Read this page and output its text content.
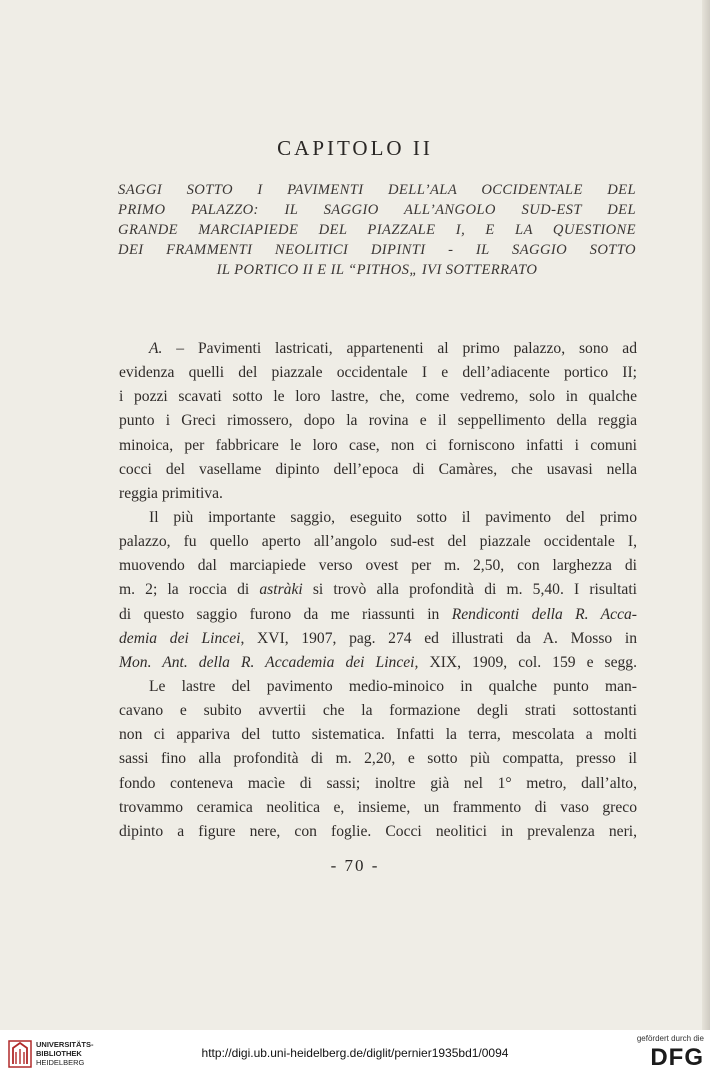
CAPITOLO II
SAGGI SOTTO I PAVIMENTI DELL’ALA OCCIDENTALE DEL
PRIMO PALAZZO: IL SAGGIO ALL’ANGOLO SUD-EST DEL
GRANDE MARCIAPIEDE DEL PIAZZALE I, E LA QUESTIONE
DEI FRAMMENTI NEOLITICI DIPINTI - IL SAGGIO SOTTO
IL PORTICO II E IL “PITHOS„ IVI SOTTERRATO
A. – Pavimenti lastricati, appartenenti al primo palazzo, sono ad
evidenza quelli del piazzale occidentale I e dell’adiacente portico II;
i pozzi scavati sotto le loro lastre, che, come vedremo, solo in qualche
punto i Greci rimossero, dopo la rovina e il seppellimento della reggia
minoica, per fabbricare le loro case, non ci forniscono infatti i comuni
cocci del vasellame dipinto dell’epoca di Camàres, che usavasi nella
reggia primitiva.
Il più importante saggio, eseguito sotto il pavimento del primo
palazzo, fu quello aperto all’angolo sud-est del piazzale occidentale I,
muovendo dal marciapiede verso ovest per m. 2,50, con larghezza di
m. 2; la roccia di astràki si trovò alla profondità di m. 5,40. I risultati
di questo saggio furono da me riassunti in Rendiconti della R. Acca-
demia dei Lincei, XVI, 1907, pag. 274 ed illustrati da A. Mosso in
Mon. Ant. della R. Accademia dei Lincei, XIX, 1909, col. 159 e segg.
Le lastre del pavimento medio-minoico in qualche punto man-
cavano e subito avvertii che la formazione degli strati sottostanti
non ci appariva del tutto sistematica. Infatti la terra, mescolata a molti
sassi fino alla profondità di m. 2,20, e sotto più compatta, presso il
fondo conteneva macìe di sassi; inoltre già nel 1° metro, dall’alto,
trovammo ceramica neolitica e, insieme, un frammento di vaso greco
dipinto a figure nere, con foglie. Cocci neolitici in prevalenza neri,
- 70 -
UNIVERSITÄTS-
BIBLIOTHEK
HEIDELBERG
http://digi.ub.uni-heidelberg.de/diglit/pernier1935bd1/0094
gefördert durch die
DFG
